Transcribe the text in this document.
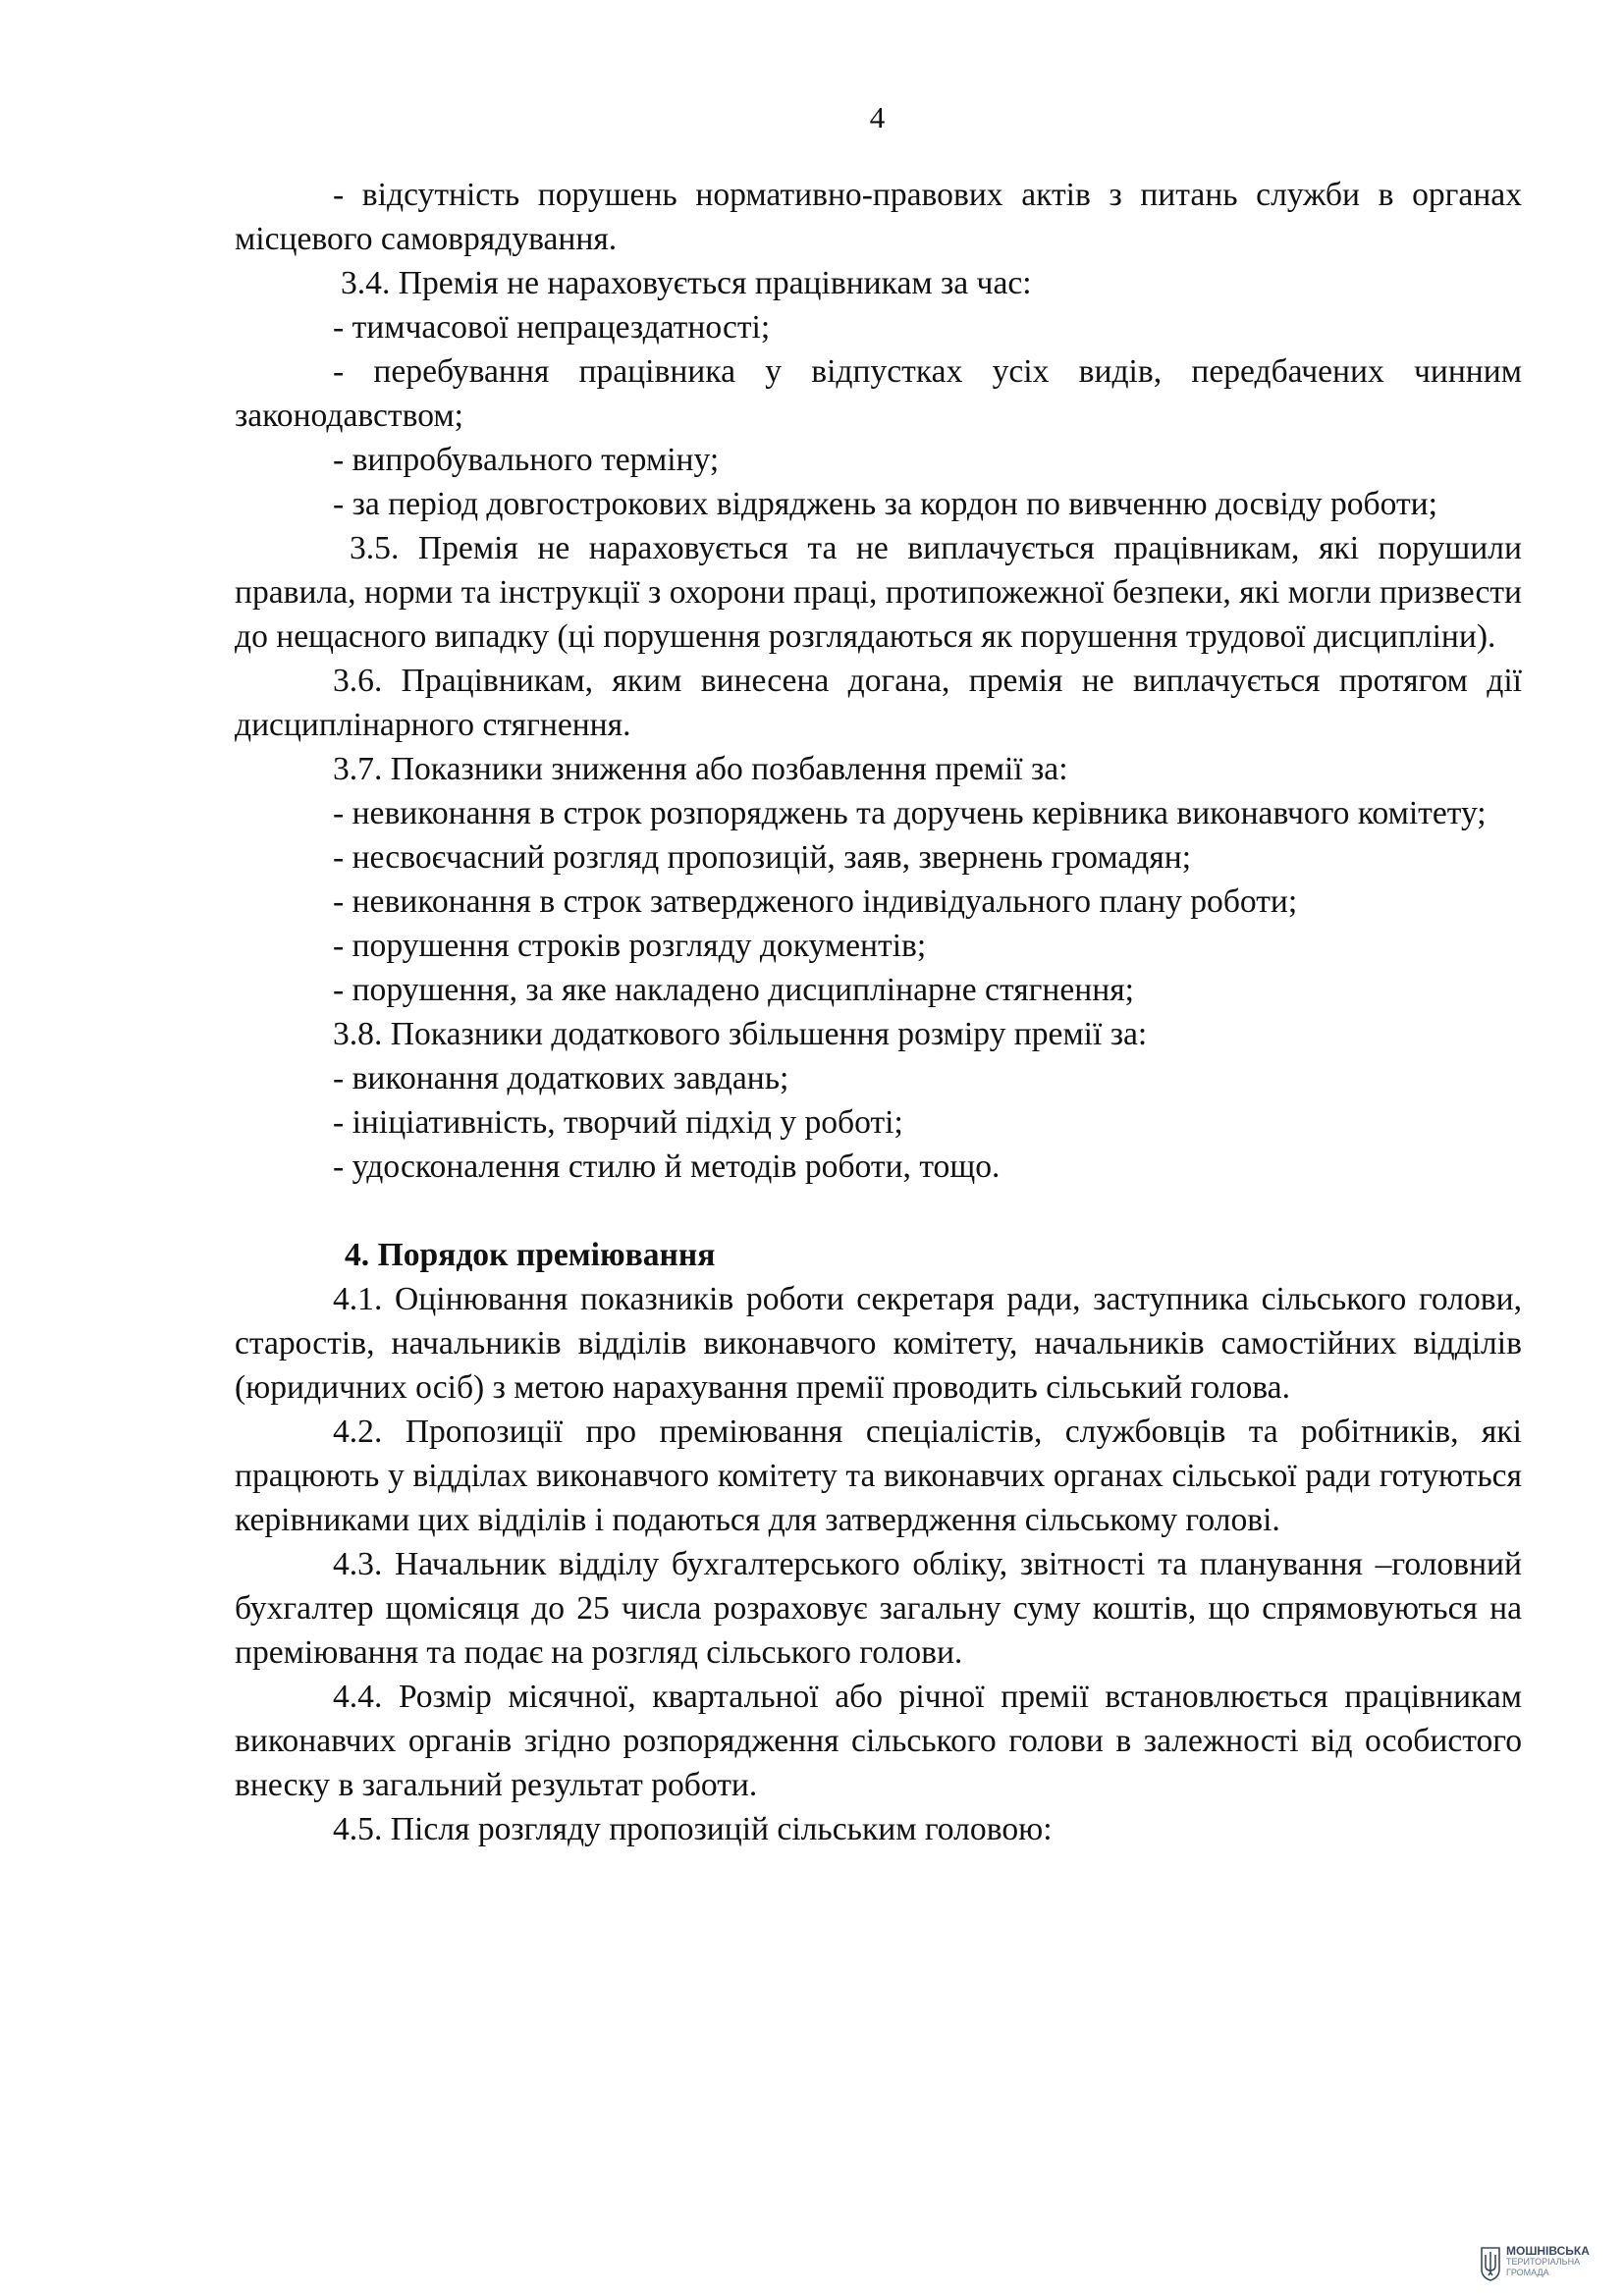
4

- відсутність порушень нормативно-правових актів з питань служби в органах місцевого самоврядування.

3.4. Премія не нараховується працівникам за час:

- тимчасової непрацездатності;

- перебування працівника у відпустках усіх видів, передбачених чинним законодавством;

- випробувального терміну;

- за період довгострокових відряджень за кордон по вивченню досвіду роботи;

3.5. Премія не нараховується та не виплачується працівникам, які порушили правила, норми та інструкції з охорони праці, протипожежної безпеки, які могли призвести до нещасного випадку (ці порушення розглядаються як порушення трудової дисципліни).

3.6. Працівникам, яким винесена догана, премія не виплачується протягом дії дисциплінарного стягнення.

3.7. Показники зниження або позбавлення премії за:

- невиконання в строк розпоряджень та доручень керівника виконавчого комітету;

- несвоєчасний розгляд пропозицій, заяв, звернень громадян;

- невиконання в строк затвердженого індивідуального плану роботи;

- порушення строків розгляду документів;

- порушення, за яке накладено дисциплінарне стягнення;

3.8. Показники додаткового збільшення розміру премії за:

- виконання додаткових завдань;

- ініціативність, творчий підхід у роботі;

- удосконалення стилю й методів роботи, тощо.

4. Порядок преміювання

4.1. Оцінювання показників роботи секретаря ради, заступника сільського голови, старостів, начальників відділів виконавчого комітету, начальників самостійних відділів (юридичних осіб) з метою нарахування премії проводить сільський голова.

4.2. Пропозиції про преміювання спеціалістів, службовців та робітників, які працюють у відділах виконавчого комітету та виконавчих органах сільської ради готуються керівниками цих відділів і подаються для затвердження сільському голові.

4.3. Начальник відділу бухгалтерського обліку, звітності та планування –головний бухгалтер щомісяця до 25 числа розраховує загальну суму коштів, що спрямовуються на преміювання та подає на розгляд сільського голови.

4.4. Розмір місячної, квартальної або річної премії встановлюється працівникам виконавчих органів згідно розпорядження сільського голови в залежності від особистого внеску в загальний результат роботи.

4.5. Після розгляду пропозицій сільським головою:

МОШНІВСЬКА
ТЕРИТОРІАЛЬНА
ГРОМАДА
